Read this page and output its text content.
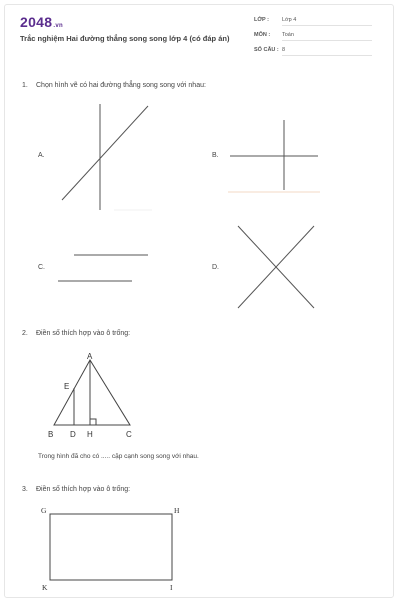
2048.vn
Trắc nghiệm Hai đường thẳng song song lớp 4 (có đáp án)
LỚP : Lớp 4
MÔN : Toán
SỐ CÂU : 8
1. Chọn hình vẽ có hai đường thẳng song song với nhau:
A.	B.
C.	D.
2. Điền số thích hợp vào ô trống:
A
E
B D H	C
Trong hình đã cho có ..... cặp cạnh song song với nhau.
3. Điền số thích hợp vào ô trống:
G	H
K	I
